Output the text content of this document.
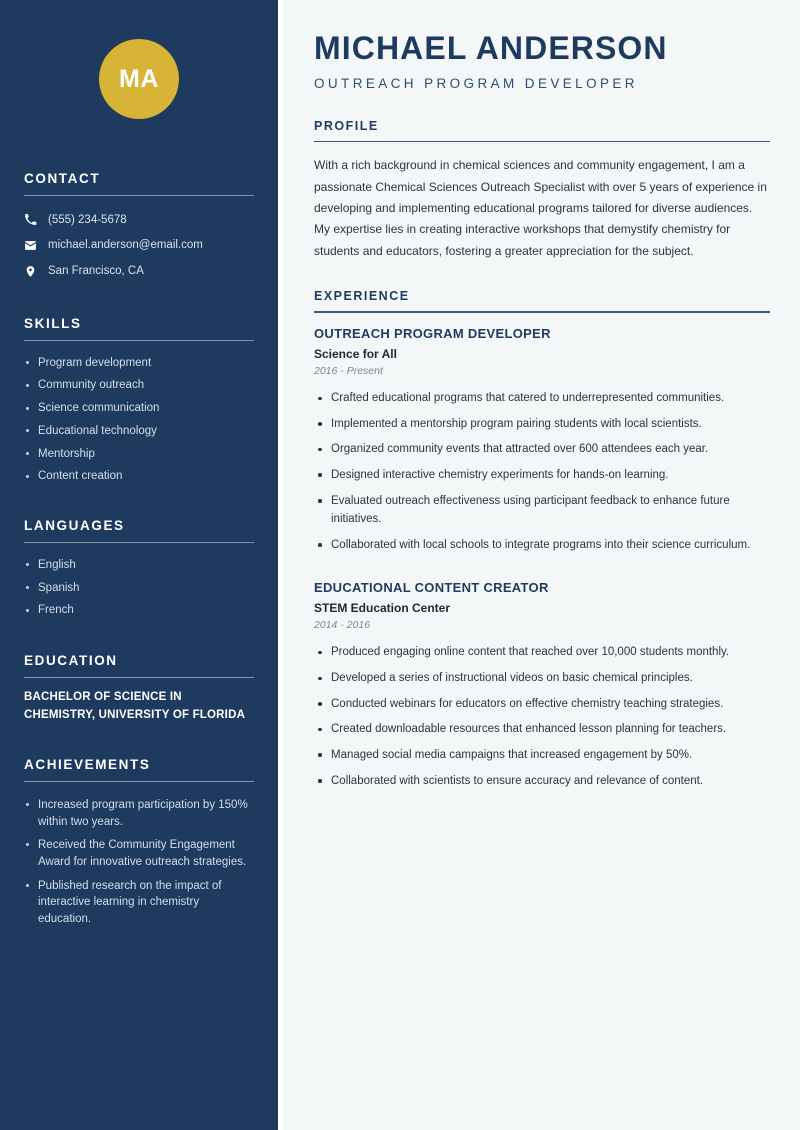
MA
CONTACT
(555) 234-5678
michael.anderson@email.com
San Francisco, CA
SKILLS
Program development
Community outreach
Science communication
Educational technology
Mentorship
Content creation
LANGUAGES
English
Spanish
French
EDUCATION
BACHELOR OF SCIENCE IN CHEMISTRY, UNIVERSITY OF FLORIDA
ACHIEVEMENTS
Increased program participation by 150% within two years.
Received the Community Engagement Award for innovative outreach strategies.
Published research on the impact of interactive learning in chemistry education.
MICHAEL ANDERSON
OUTREACH PROGRAM DEVELOPER
PROFILE

With a rich background in chemical sciences and community engagement, I am a passionate Chemical Sciences Outreach Specialist with over 5 years of experience in developing and implementing educational programs tailored for diverse audiences. My expertise lies in creating interactive workshops that demystify chemistry for students and educators, fostering a greater appreciation for the subject.

EXPERIENCE
OUTREACH PROGRAM DEVELOPER
Science for All
2016 - Present
Crafted educational programs that catered to underrepresented communities.
Implemented a mentorship program pairing students with local scientists.
Organized community events that attracted over 600 attendees each year.
Designed interactive chemistry experiments for hands-on learning.
Evaluated outreach effectiveness using participant feedback to enhance future initiatives.
Collaborated with local schools to integrate programs into their science curriculum.
EDUCATIONAL CONTENT CREATOR
STEM Education Center
2014 - 2016
Produced engaging online content that reached over 10,000 students monthly.
Developed a series of instructional videos on basic chemical principles.
Conducted webinars for educators on effective chemistry teaching strategies.
Created downloadable resources that enhanced lesson planning for teachers.
Managed social media campaigns that increased engagement by 50%.
Collaborated with scientists to ensure accuracy and relevance of content.
